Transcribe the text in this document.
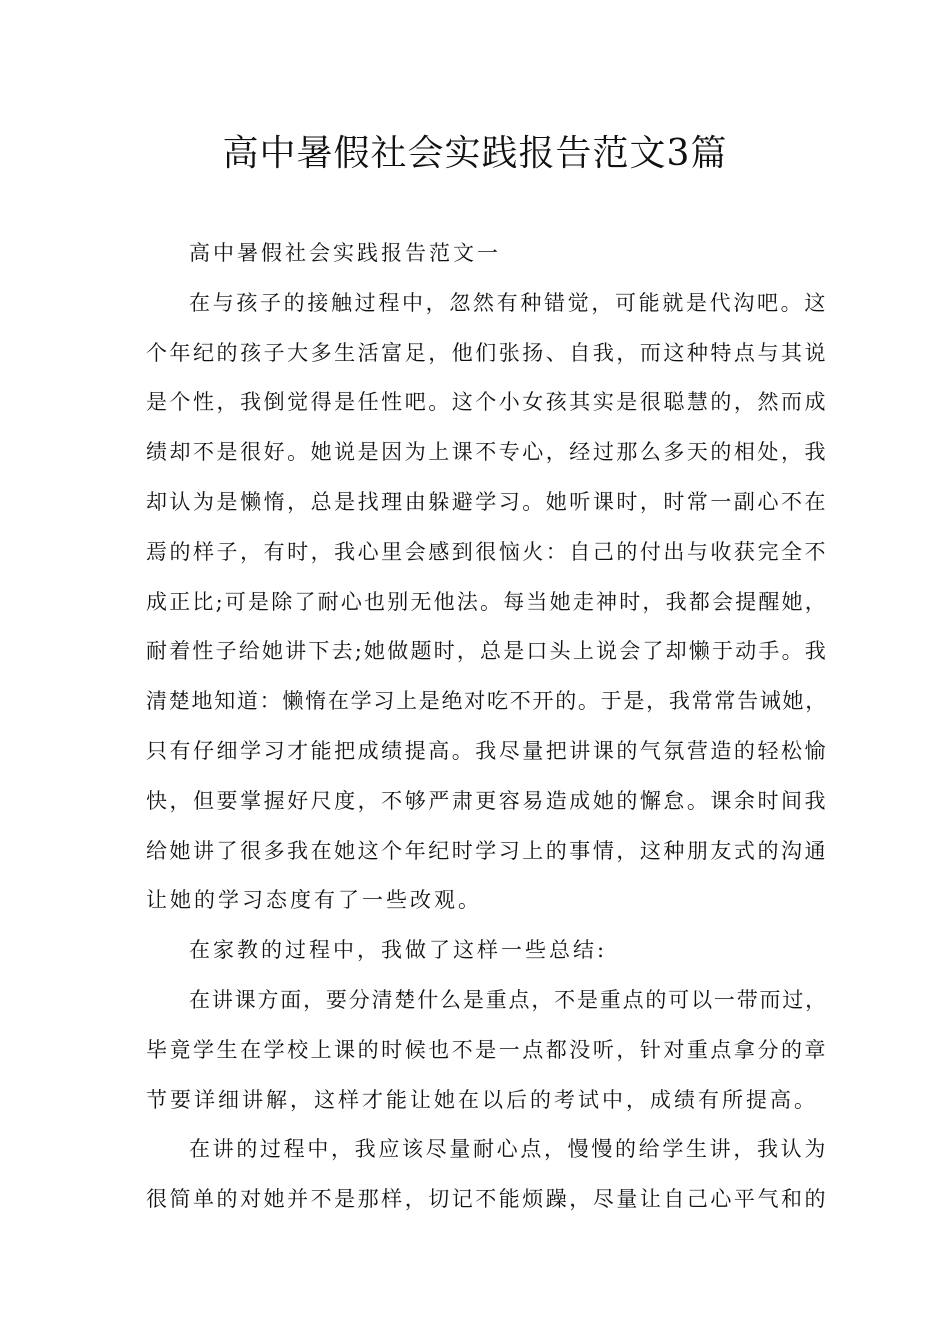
高中暑假社会实践报告范文3篇
高中暑假社会实践报告范文一
在与孩子的接触过程中，忽然有种错觉，可能就是代沟吧。这
个年纪的孩子大多生活富足，他们张扬、自我，而这种特点与其说
是个性，我倒觉得是任性吧。这个小女孩其实是很聪慧的，然而成
绩却不是很好。她说是因为上课不专心，经过那么多天的相处，我
却认为是懒惰，总是找理由躲避学习。她听课时，时常一副心不在
焉的样子，有时，我心里会感到很恼火：自己的付出与收获完全不
成正比;可是除了耐心也别无他法。每当她走神时，我都会提醒她，
耐着性子给她讲下去;她做题时，总是口头上说会了却懒于动手。我
清楚地知道：懒惰在学习上是绝对吃不开的。于是，我常常告诫她，
只有仔细学习才能把成绩提高。我尽量把讲课的气氛营造的轻松愉
快，但要掌握好尺度，不够严肃更容易造成她的懈怠。课余时间我
给她讲了很多我在她这个年纪时学习上的事情，这种朋友式的沟通
让她的学习态度有了一些改观。
在家教的过程中，我做了这样一些总结:
在讲课方面，要分清楚什么是重点，不是重点的可以一带而过，
毕竟学生在学校上课的时候也不是一点都没听，针对重点拿分的章
节要详细讲解，这样才能让她在以后的考试中，成绩有所提高。
在讲的过程中，我应该尽量耐心点，慢慢的给学生讲，我认为
很简单的对她并不是那样，切记不能烦躁，尽量让自己心平气和的
